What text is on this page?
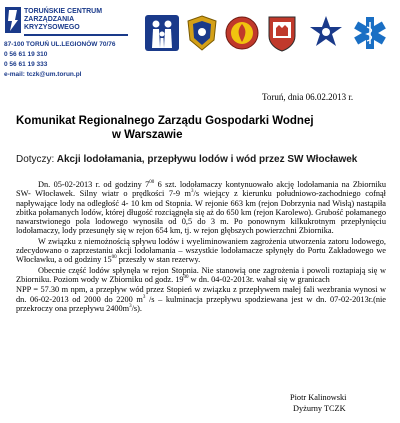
TORUŃSKIE CENTRUM
ZARZĄDZANIA KRYZYSOWEGO
87-100 TORUŃ UL.LEGIONÓW 70/76
0 56 61 19 310
0 56 61 19 333
e-mail: tczk@um.torun.pl
Toruń, dnia 06.02.2013 r.
Komunikat Regionalnego Zarządu Gospodarki Wodnej
w Warszawie
Dotyczy: Akcji lodołamania, przepływu lodów i wód przez SW Włocławek

Dn. 05-02-2013 r. od godziny $7^{00}$ 6 szt. lodołamaczy kontynuowało akcję lodołamania na Zbiorniku SW- Włocławek. Silny wiatr o prędkości 7-9 $m^3/s$ wiejący z kierunku południowo-zachodniego cofnął napływające lody na odległość 4- 10 km od Stopnia. W rejonie 663 km (rejon Dobrzynia nad Wisłą) nastąpiła zbitka połamanych lodów, której długość rozciągnęła się aż do 650 km (rejon Karolewo). Grubość połamanego nawarstwionego pola lodowego wynosiła od 0,5 do 3 m. Po ponownym kilkukrotnym przepłynięciu lodołamaczy, lody przesunęły się w rejon 654 km, tj. w rejon głębszych powierzchni Zbiornika.

W związku z niemożnością spływu lodów i wyeliminowaniem zagrożenia utworzenia zatoru lodowego, zdecydowano o zaprzestaniu akcji lodołamania – wszystkie lodołamacze spłynęły do Portu Zakładowego we Włocławku, a od godziny $15^{00}$ przeszły w stan rezerwy.

Obecnie część lodów spłynęła w rejon Stopnia. Nie stanowią one zagrożenia i powoli roztapiają się w Zbiorniku. Poziom wody w Zbiorniku od godz. $19^{00}$ w dn. 04-02-2013r. wahał się w granicach

NPP = 57.30 m npm, a przepływ wód przez Stopień w związku z przepływem małej fali wezbrania wynosi w dn. 06-02-2013 od 2000 do 2200 $m^3$ /s – kulminacja przepływu spodziewana jest w dn. 07-02-2013r.(nie przekroczy ona przepływu $2400m^3/s$).

Piotr Kalinowski
Dyżurny TCZK
